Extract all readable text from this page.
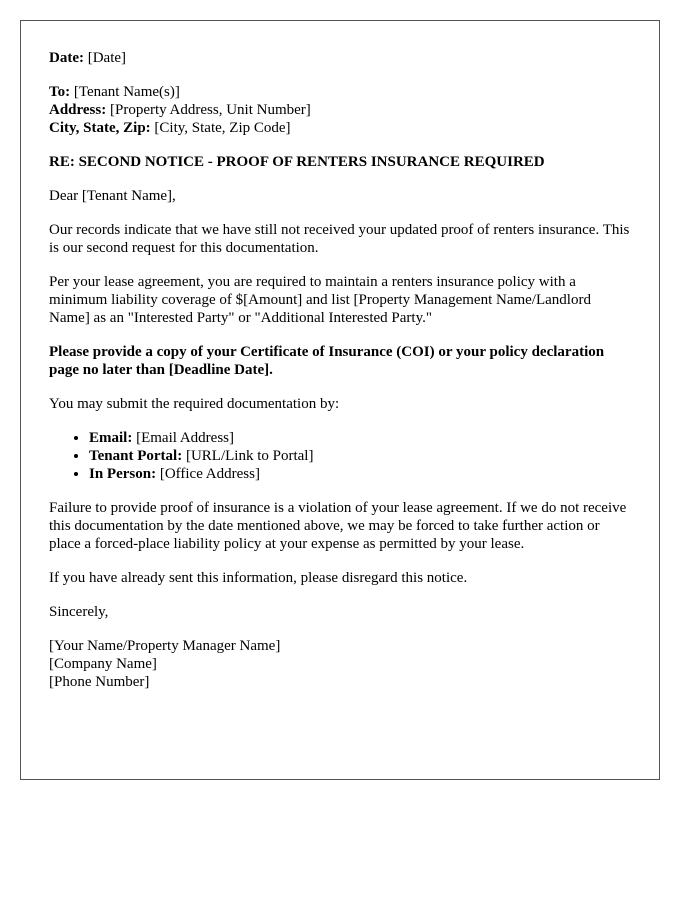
Date: [Date]

To: [Tenant Name(s)]
Address: [Property Address, Unit Number]
City, State, Zip: [City, State, Zip Code]

RE: SECOND NOTICE - PROOF OF RENTERS INSURANCE REQUIRED

Dear [Tenant Name],

Our records indicate that we have still not received your updated proof of renters insurance. This is our second request for this documentation.

Per your lease agreement, you are required to maintain a renters insurance policy with a minimum liability coverage of $[Amount] and list [Property Management Name/Landlord Name] as an "Interested Party" or "Additional Interested Party."

Please provide a copy of your Certificate of Insurance (COI) or your policy declaration page no later than [Deadline Date].

You may submit the required documentation by:

• Email: [Email Address]
• Tenant Portal: [URL/Link to Portal]
• In Person: [Office Address]

Failure to provide proof of insurance is a violation of your lease agreement. If we do not receive this documentation by the date mentioned above, we may be forced to take further action or place a forced-place liability policy at your expense as permitted by your lease.

If you have already sent this information, please disregard this notice.

Sincerely,

[Your Name/Property Manager Name]
[Company Name]
[Phone Number]
